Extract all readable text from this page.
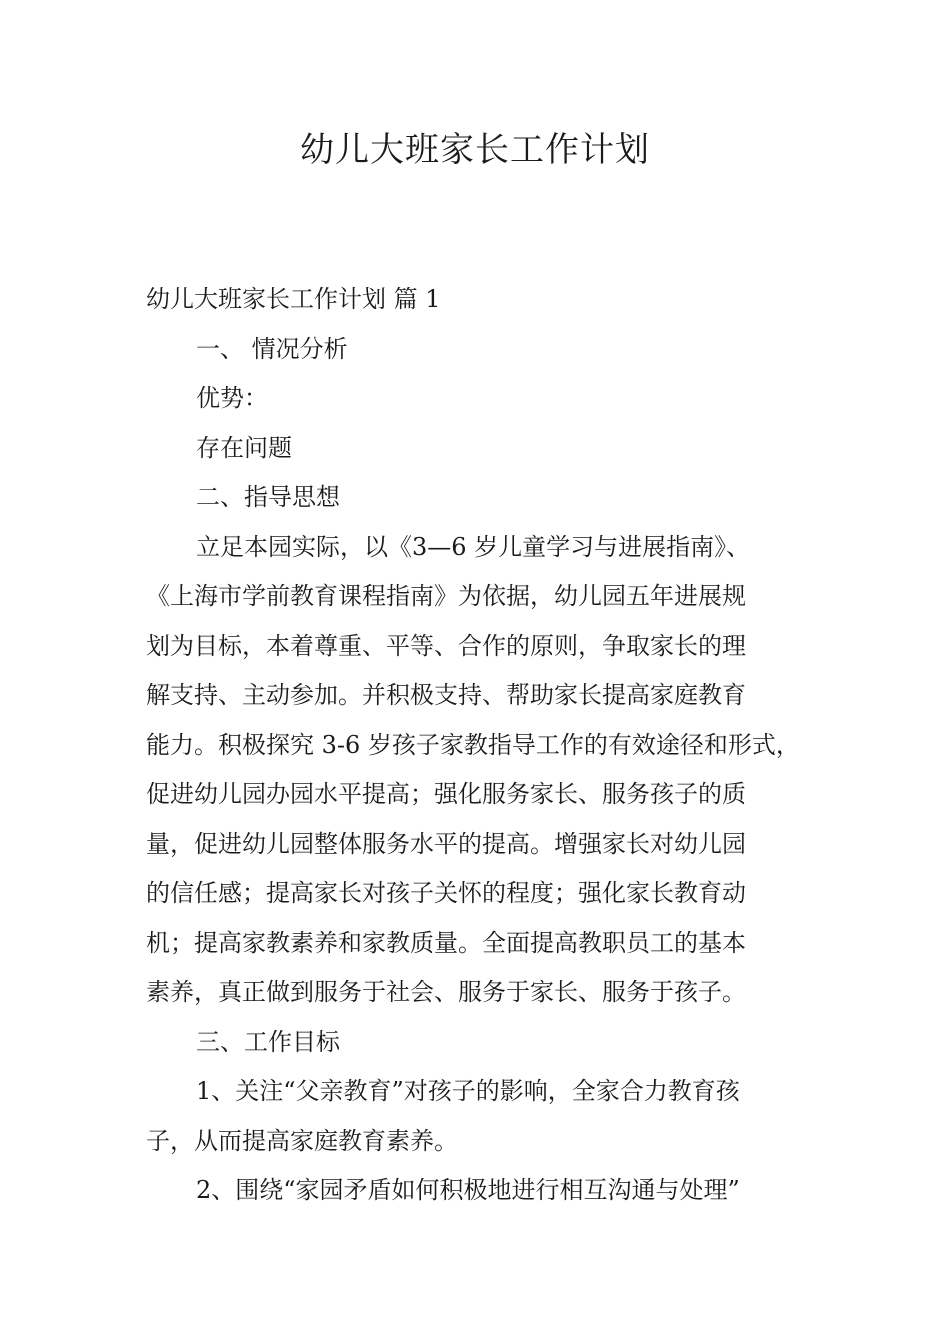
幼儿大班家长工作计划

幼儿大班家长工作计划 篇 1

一、 情况分析

优势：

存在问题

二、指导思想

立足本园实际，以《3—6 岁儿童学习与进展指南》、

《上海市学前教育课程指南》为依据，幼儿园五年进展规

划为目标，本着尊重、平等、合作的原则，争取家长的理

解支持、主动参加。并积极支持、帮助家长提高家庭教育

能力。积极探究 3-6 岁孩子家教指导工作的有效途径和形式，

促进幼儿园办园水平提高；强化服务家长、服务孩子的质

量，促进幼儿园整体服务水平的提高。增强家长对幼儿园

的信任感；提高家长对孩子关怀的程度；强化家长教育动

机；提高家教素养和家教质量。全面提高教职员工的基本

素养，真正做到服务于社会、服务于家长、服务于孩子。

三、工作目标

1、关注“父亲教育”对孩子的影响，全家合力教育孩

子，从而提高家庭教育素养。

2、围绕“家园矛盾如何积极地进行相互沟通与处理”
